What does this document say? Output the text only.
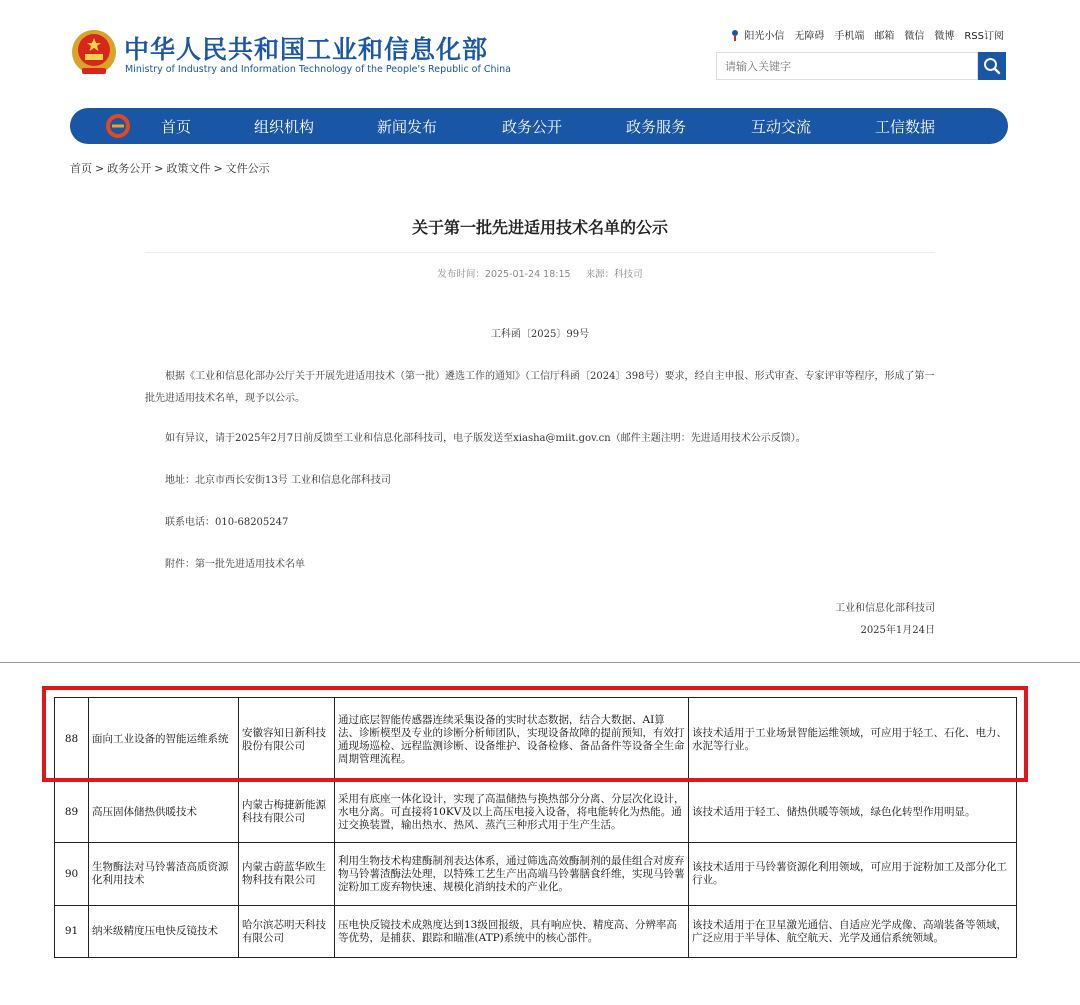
中华人民共和国工业和信息化部
Ministry of Industry and Information Technology of the People's Republic of China
阳光小信 无障碍 手机端 邮箱 微信 微博 RSS订阅
请输入关键字
首页	组织机构	新闻发布	政务公开	政务服务	互动交流	工信数据
首页 > 政务公开 > 政策文件 > 文件公示
关于第一批先进适用技术名单的公示
发布时间：2025-01-24 18:15 来源：科技司
工科函〔2025〕99号
根据《工业和信息化部办公厅关于开展先进适用技术（第一批）遴选工作的通知》（工信厅科函〔2024〕398号）要求，经自主申报、形式审查、专家评审等程序，形成了第一批先进适用技术名单，现予以公示。
如有异议，请于2025年2月7日前反馈至工业和信息化部科技司，电子版发送至xiasha@miit.gov.cn（邮件主题注明：先进适用技术公示反馈）。
地址：北京市西长安街13号 工业和信息化部科技司
联系电话：010-68205247
附件：第一批先进适用技术名单
工业和信息化部科技司
2025年1月24日
88	面向工业设备的智能运维系统	安徽容知日新科技股份有限公司	通过底层智能传感器连续采集设备的实时状态数据，结合大数据、AI算法、诊断模型及专业的诊断分析师团队，实现设备故障的提前预知，有效打通现场巡检、远程监测诊断、设备维护、设备检修、备品备件等设备全生命周期管理流程。	该技术适用于工业场景智能运维领域，可应用于轻工、石化、电力、水泥等行业。
89	高压固体储热供暖技术	内蒙古梅捷新能源科技有限公司	采用有底座一体化设计，实现了高温储热与换热部分分离、分层次化设计，水电分离。可直接将10KV及以上高压电接入设备，将电能转化为热能。通过交换装置，输出热水、热风、蒸汽三种形式用于生产生活。	该技术适用于轻工、储热供暖等领域，绿色化转型作用明显。
90	生物酶法对马铃薯渣高质资源化利用技术	内蒙古蔚蓝华欧生物科技有限公司	利用生物技术构建酶制剂表达体系，通过筛选高效酶制剂的最佳组合对废弃物马铃薯渣酶法处理，以特殊工艺生产出高端马铃薯膳食纤维，实现马铃薯淀粉加工废弃物快速、规模化消纳技术的产业化。	该技术适用于马铃薯资源化利用领域，可应用于淀粉加工及部分化工行业。
91	纳米级精度压电快反镜技术	哈尔滨芯明天科技有限公司	压电快反镜技术成熟度达到13级回报级，具有响应快、精度高、分辨率高等优势，是捕获、跟踪和瞄准(ATP)系统中的核心部件。	该技术适用于在卫星激光通信、自适应光学成像、高端装备等领域，广泛应用于半导体、航空航天、光学及通信系统领域。
